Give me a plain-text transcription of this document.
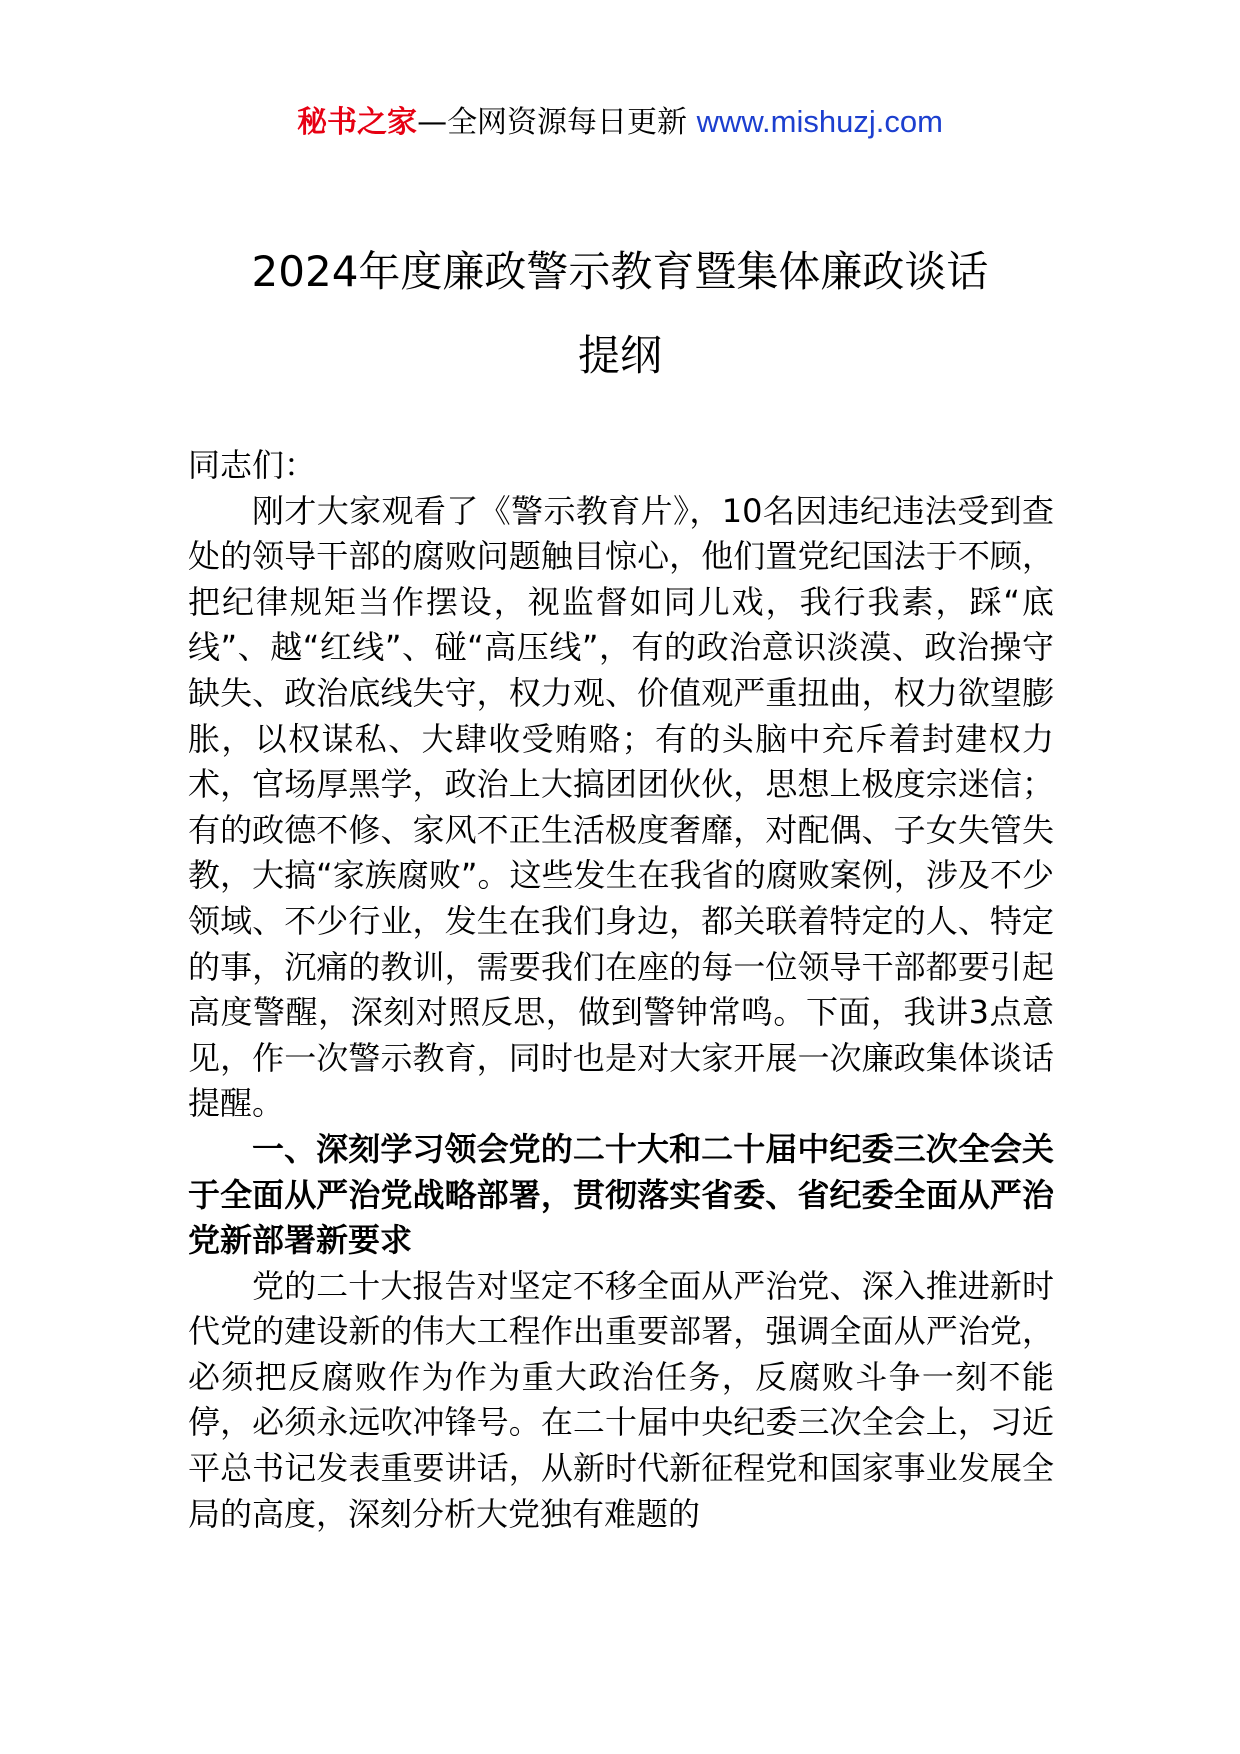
秘书之家—全网资源每日更新 www.mishuzj.com
2024年度廉政警示教育暨集体廉政谈话
提纲

同志们：

刚才大家观看了《警示教育片》，10名因违纪违法受到查处的领导干部的腐败问题触目惊心，他们置党纪国法于不顾，把纪律规矩当作摆设，视监督如同儿戏，我行我素，踩“底线”、越“红线”、碰“高压线”，有的政治意识淡漠、政治操守缺失、政治底线失守，权力观、价值观严重扭曲，权力欲望膨胀，以权谋私、大肆收受贿赂；有的头脑中充斥着封建权力术，官场厚黑学，政治上大搞团团伙伙，思想上极度宗迷信；有的政德不修、家风不正生活极度奢靡，对配偶、子女失管失教，大搞“家族腐败”。这些发生在我省的腐败案例，涉及不少领域、不少行业，发生在我们身边，都关联着特定的人、特定的事，沉痛的教训，需要我们在座的每一位领导干部都要引起高度警醒，深刻对照反思，做到警钟常鸣。下面，我讲3点意见，作一次警示教育，同时也是对大家开展一次廉政集体谈话提醒。

一、深刻学习领会党的二十大和二十届中纪委三次全会关于全面从严治党战略部署，贯彻落实省委、省纪委全面从严治党新部署新要求

党的二十大报告对坚定不移全面从严治党、深入推进新时代党的建设新的伟大工程作出重要部署，强调全面从严治党，必须把反腐败作为作为重大政治任务，反腐败斗争一刻不能停，必须永远吹冲锋号。在二十届中央纪委三次全会上，习近平总书记发表重要讲话，从新时代新征程党和国家事业发展全局的高度，深刻分析大党独有难题的
